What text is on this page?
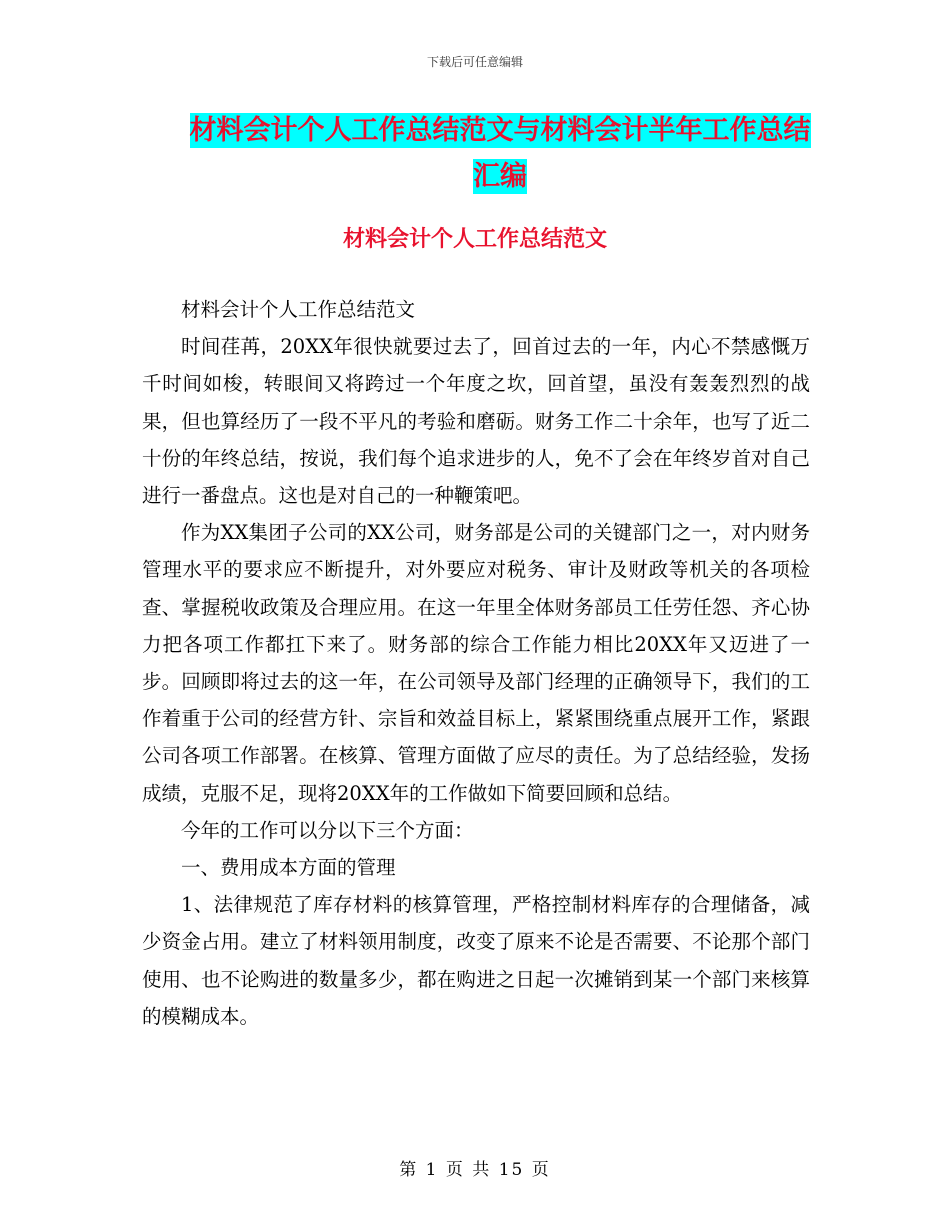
下载后可任意编辑
材料会计个人工作总结范文与材料会计半年工作总结汇编
材料会计个人工作总结范文

材料会计个人工作总结范文

时间荏苒，20XX年很快就要过去了，回首过去的一年，内心不禁感慨万千时间如梭，转眼间又将跨过一个年度之坎，回首望，虽没有轰轰烈烈的战果，但也算经历了一段不平凡的考验和磨砺。财务工作二十余年，也写了近二十份的年终总结，按说，我们每个追求进步的人，免不了会在年终岁首对自己进行一番盘点。这也是对自己的一种鞭策吧。

作为XX集团子公司的XX公司，财务部是公司的关键部门之一，对内财务管理水平的要求应不断提升，对外要应对税务、审计及财政等机关的各项检查、掌握税收政策及合理应用。在这一年里全体财务部员工任劳任怨、齐心协力把各项工作都扛下来了。财务部的综合工作能力相比20XX年又迈进了一步。回顾即将过去的这一年，在公司领导及部门经理的正确领导下，我们的工作着重于公司的经营方针、宗旨和效益目标上，紧紧围绕重点展开工作，紧跟公司各项工作部署。在核算、管理方面做了应尽的责任。为了总结经验，发扬成绩，克服不足，现将20XX年的工作做如下简要回顾和总结。

今年的工作可以分以下三个方面：

一、费用成本方面的管理

1、法律规范了库存材料的核算管理，严格控制材料库存的合理储备，减少资金占用。建立了材料领用制度，改变了原来不论是否需要、不论那个部门使用、也不论购进的数量多少，都在购进之日起一次摊销到某一个部门来核算的模糊成本。

第 1 页 共 15 页
